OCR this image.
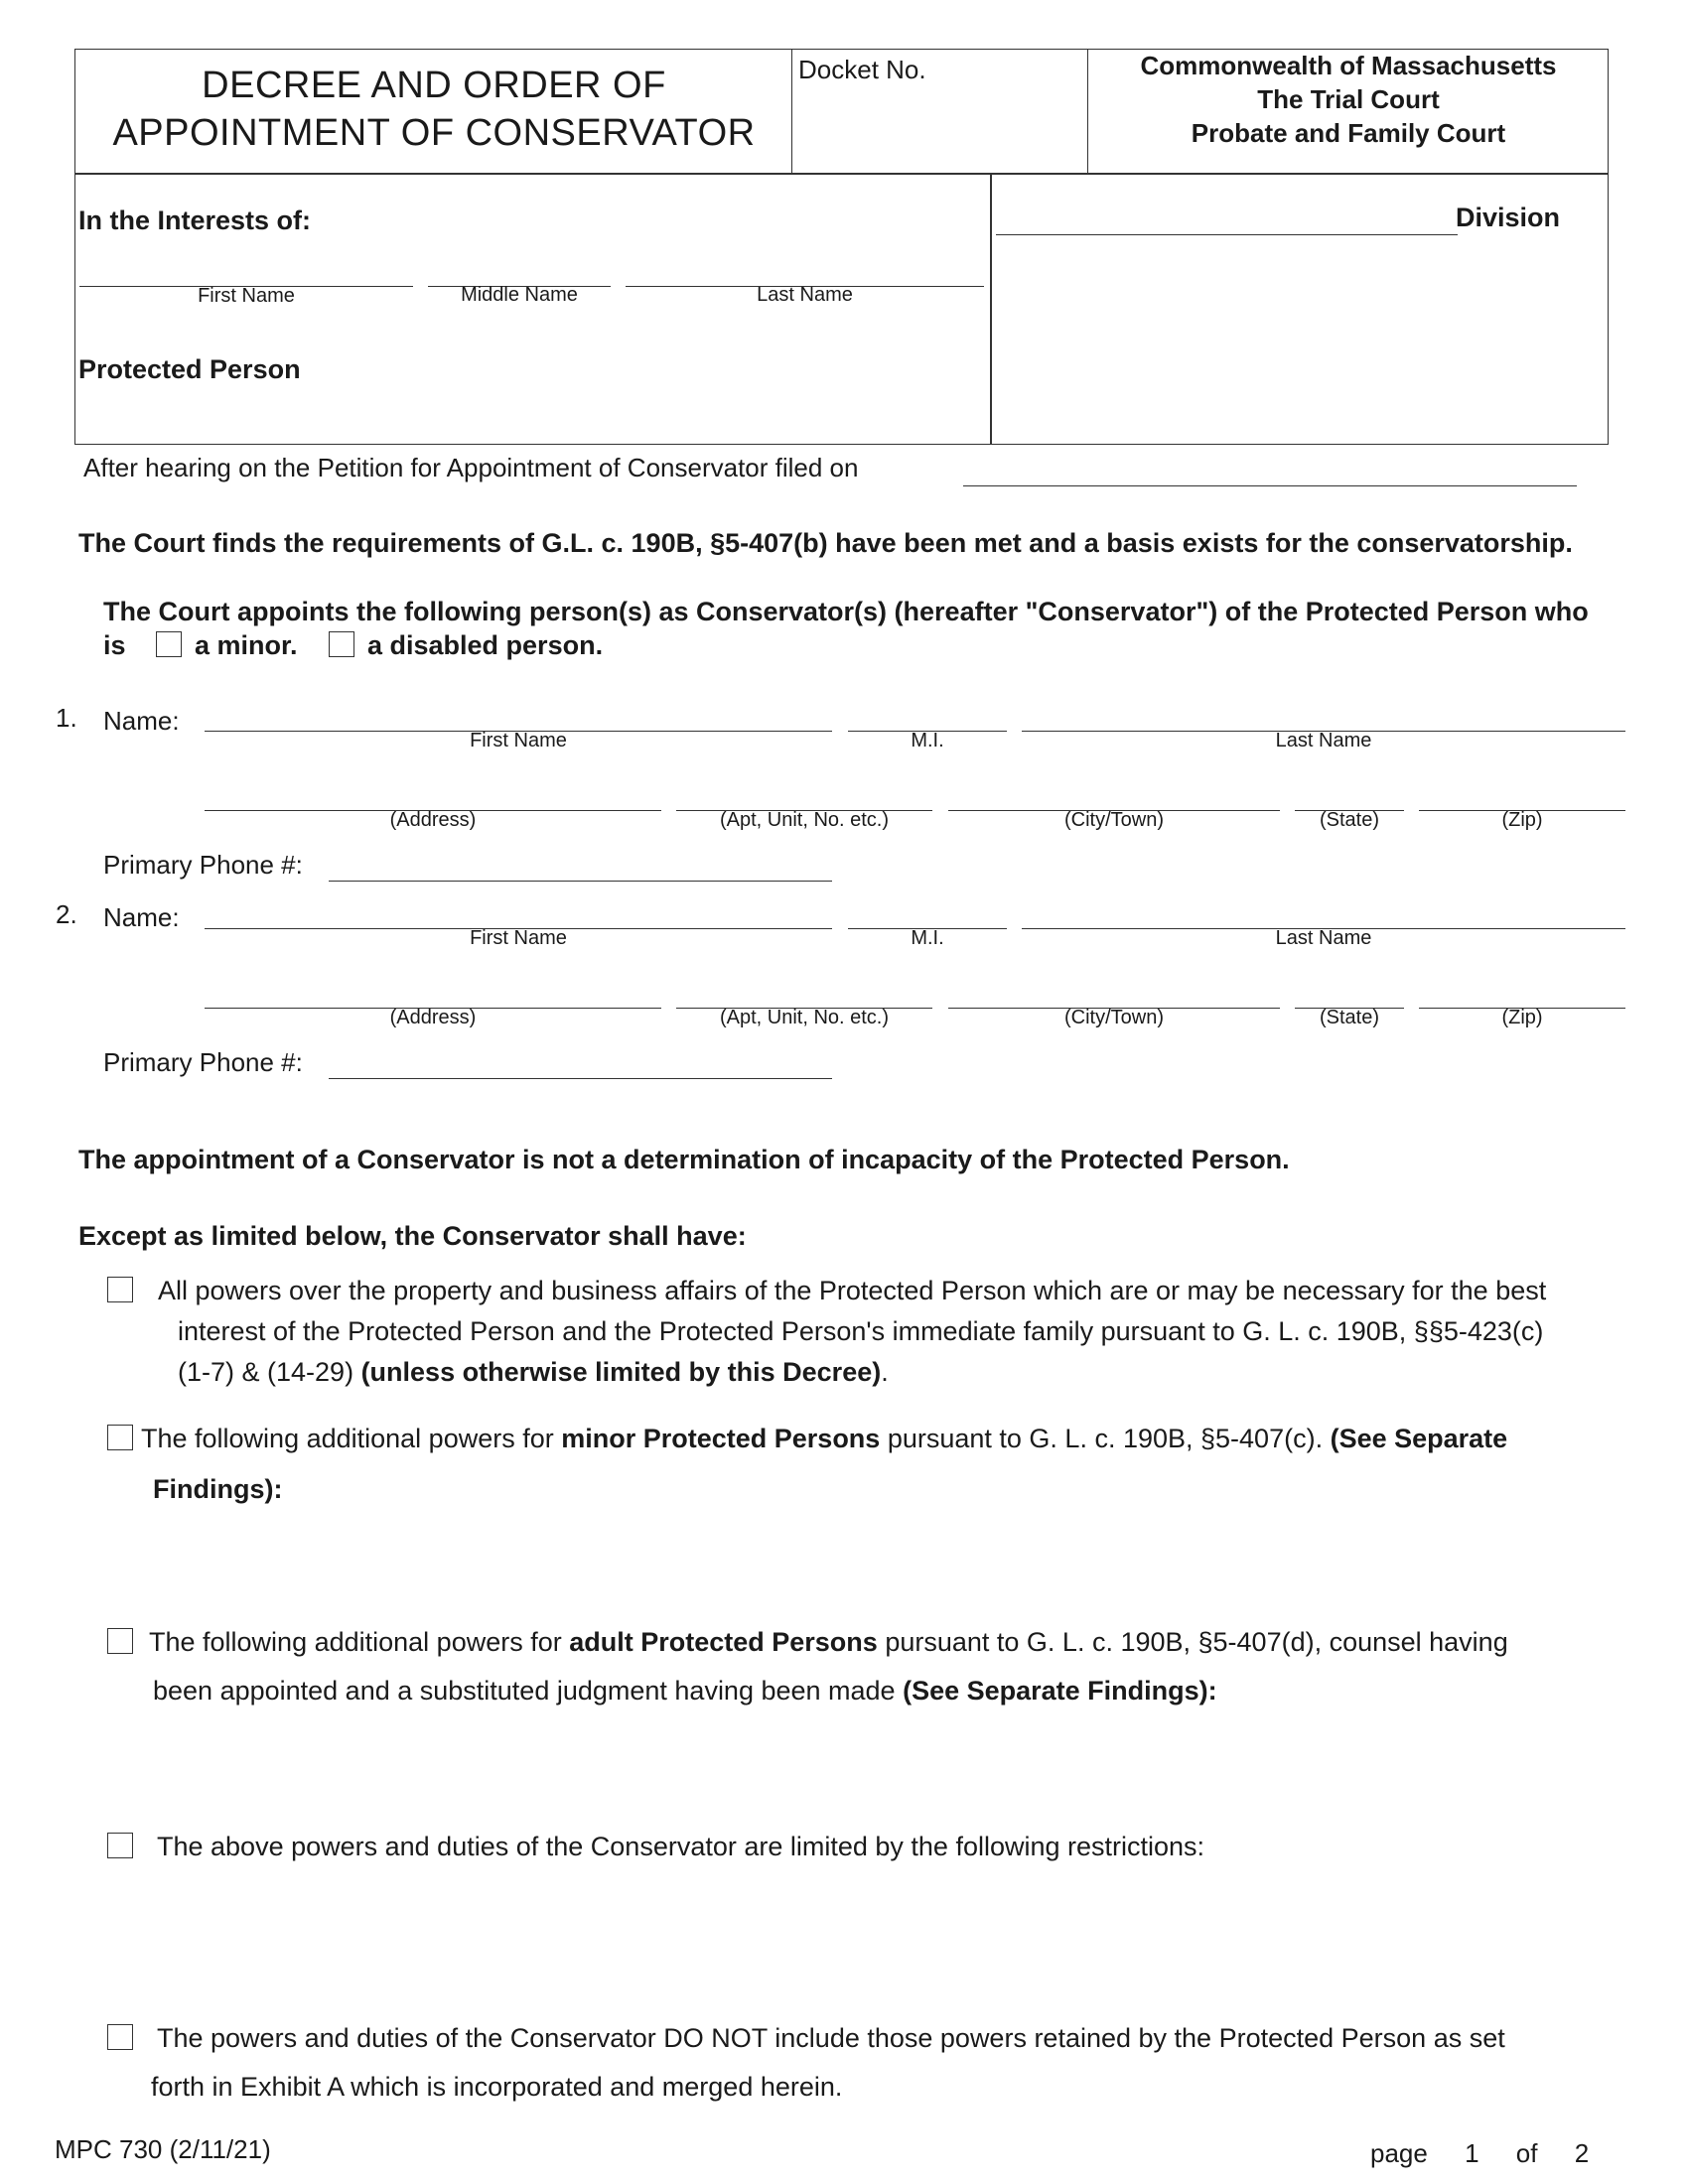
DECREE AND ORDER OF
APPOINTMENT OF CONSERVATOR
Docket No.	Commonwealth of Massachusetts
The Trial Court
Probate and Family Court
In the Interests of:
First Name	Middle Name	Last Name
Protected Person
Division
After hearing on the Petition for Appointment of Conservator filed on
The Court finds the requirements of G.L. c. 190B, §5-407(b) have been met and a basis exists for the conservatorship.
The Court appoints the following person(s) as Conservator(s) (hereafter "Conservator") of the Protected Person who
is	a minor.	a disabled person.
1. Name:
First Name	M.I.	Last Name
(Address)	(Apt, Unit, No. etc.)	(City/Town)	(State)	(Zip)
Primary Phone #:
2. Name:
First Name	M.I.	Last Name
(Address)	(Apt, Unit, No. etc.)	(City/Town)	(State)	(Zip)
Primary Phone #:
The appointment of a Conservator is not a determination of incapacity of the Protected Person.
Except as limited below, the Conservator shall have:
All powers over the property and business affairs of the Protected Person which are or may be necessary for the best
interest of the Protected Person and the Protected Person's immediate family pursuant to G. L. c. 190B, §§5-423(c)
(1-7) & (14-29) (unless otherwise limited by this Decree).
The following additional powers for minor Protected Persons pursuant to G. L. c. 190B, §5-407(c). (See Separate
Findings):
The following additional powers for adult Protected Persons pursuant to G. L. c. 190B, §5-407(d), counsel having
been appointed and a substituted judgment having been made (See Separate Findings):
The above powers and duties of the Conservator are limited by the following restrictions:
The powers and duties of the Conservator DO NOT include those powers retained by the Protected Person as set
forth in Exhibit A which is incorporated and merged herein.
MPC 730 (2/11/21)	page 1 of 2
